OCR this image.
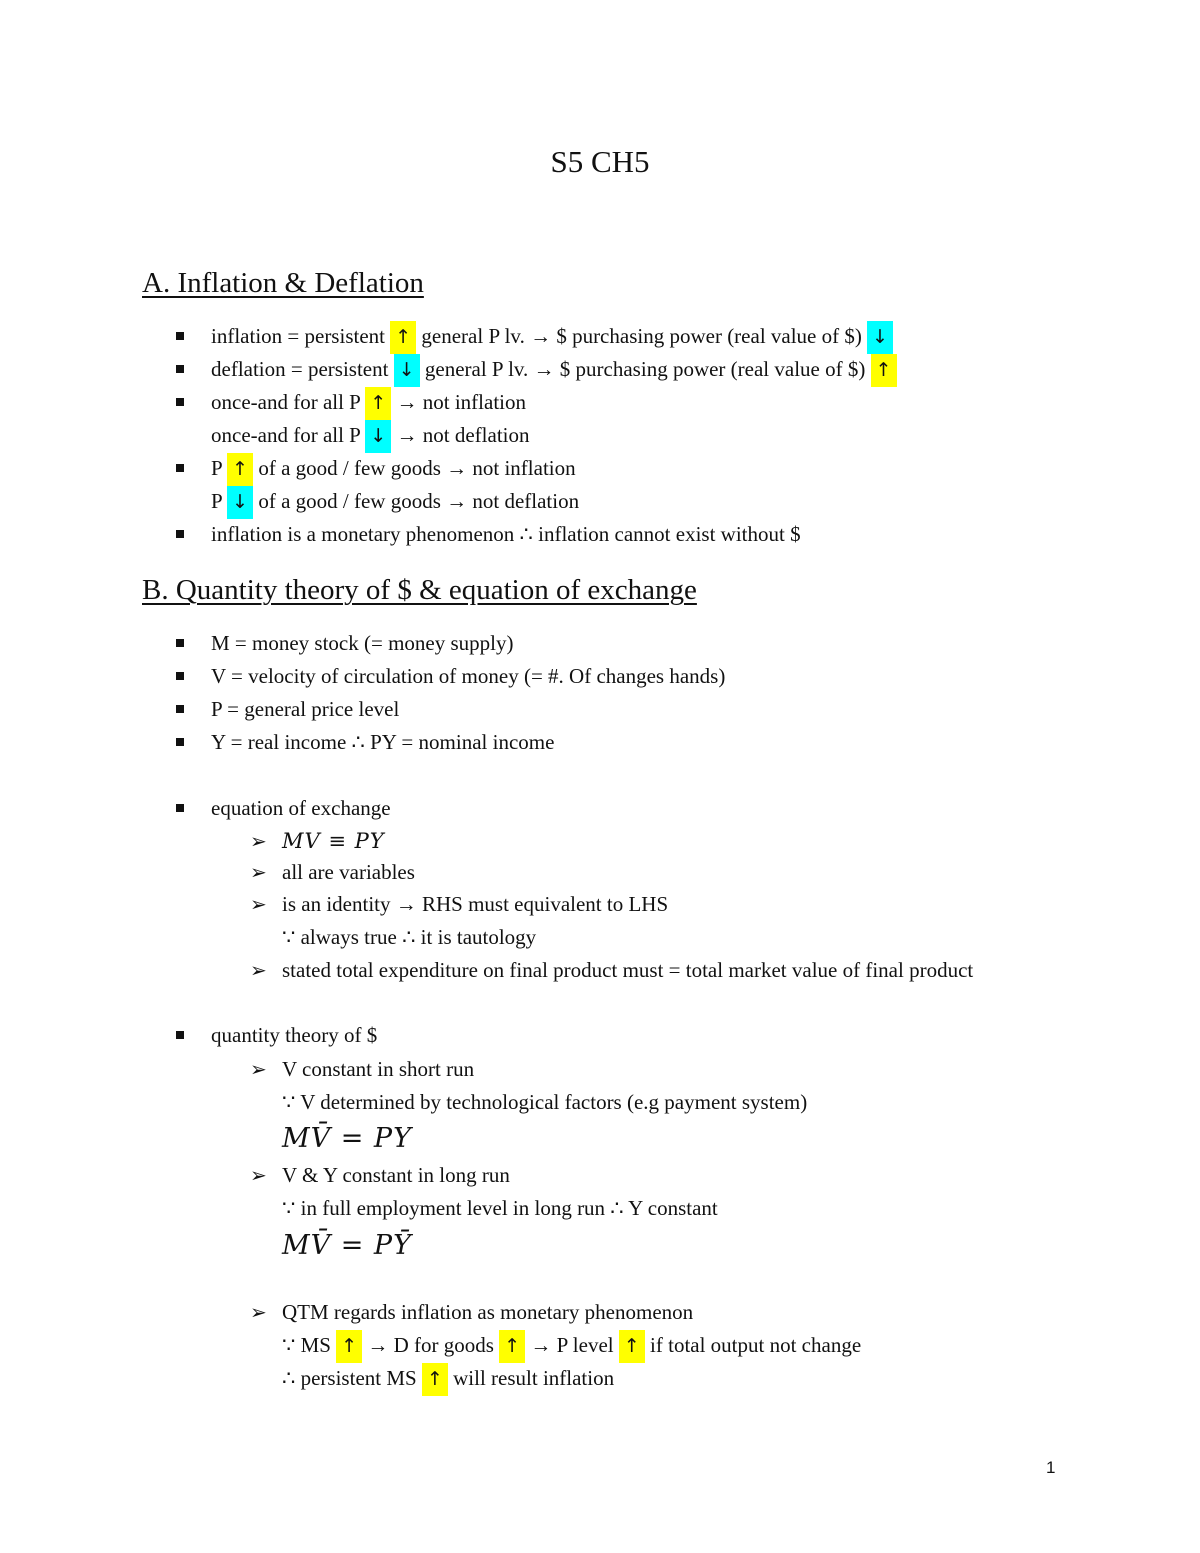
S5 CH5
A. Inflation & Deflation
inflation = persistent ↑ general P lv. → $ purchasing power (real value of $) ↓
deflation = persistent ↓ general P lv. → $ purchasing power (real value of $) ↑
once-and for all P ↑ → not inflation
once-and for all P ↓ → not deflation
P ↑ of a good / few goods → not inflation
P ↓ of a good / few goods → not deflation
inflation is a monetary phenomenon ∴ inflation cannot exist without $
B. Quantity theory of $ & equation of exchange
M = money stock (= money supply)
V = velocity of circulation of money (= #. Of changes hands)
P = general price level
Y = real income ∴ PY = nominal income
equation of exchange
➢ MV ≡ PY
➢ all are variables
➢ is an identity → RHS must equivalent to LHS
∵ always true ∴ it is tautology
➢ stated total expenditure on final product must = total market value of final product
quantity theory of $
➢ V constant in short run
∵ V determined by technological factors (e.g payment system)
MV̄ = PY
➢ V & Y constant in long run
∵ in full employment level in long run ∴ Y constant
MV̄ = PȲ
➢ QTM regards inflation as monetary phenomenon
∵ MS ↑ → D for goods ↑ → P level ↑ if total output not change
∴ persistent MS ↑ will result inflation
1
